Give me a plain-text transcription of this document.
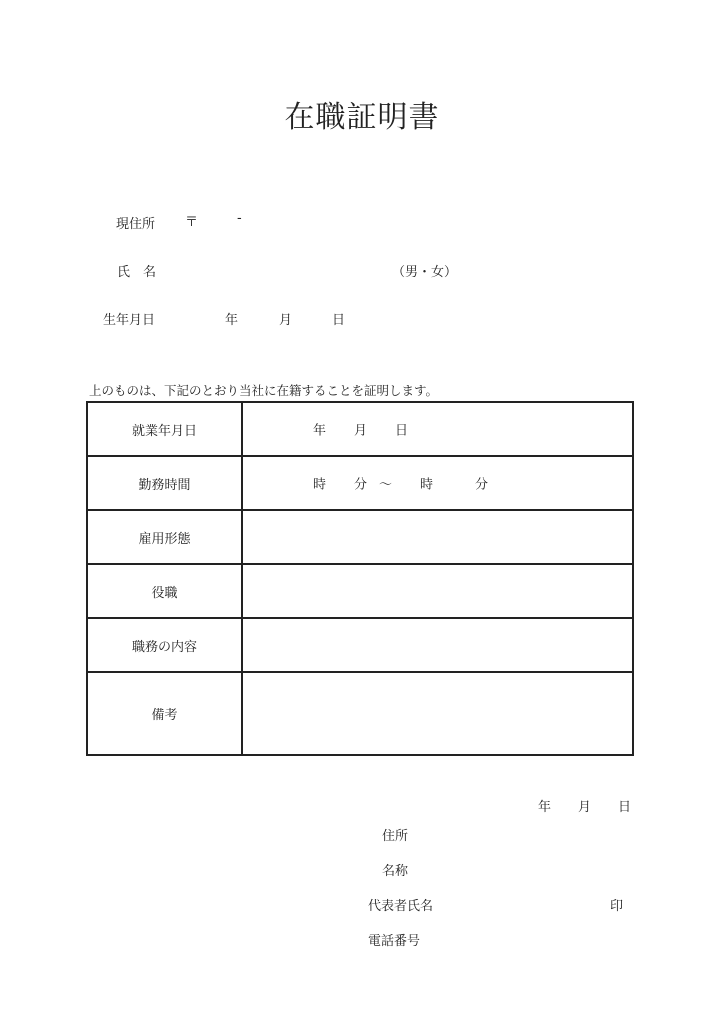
在職証明書
現住所 〒	-
氏　名	（男・女）
生年月日	年	月	日
上のものは、下記のとおり当社に在籍することを証明します。
就業年月日	年 月 日

勤務時間	時 分 〜 時 分

雇用形態	
役職	
職務の内容	
備考	
年 月 日
住所
名称
代表者氏名	印
電話番号
